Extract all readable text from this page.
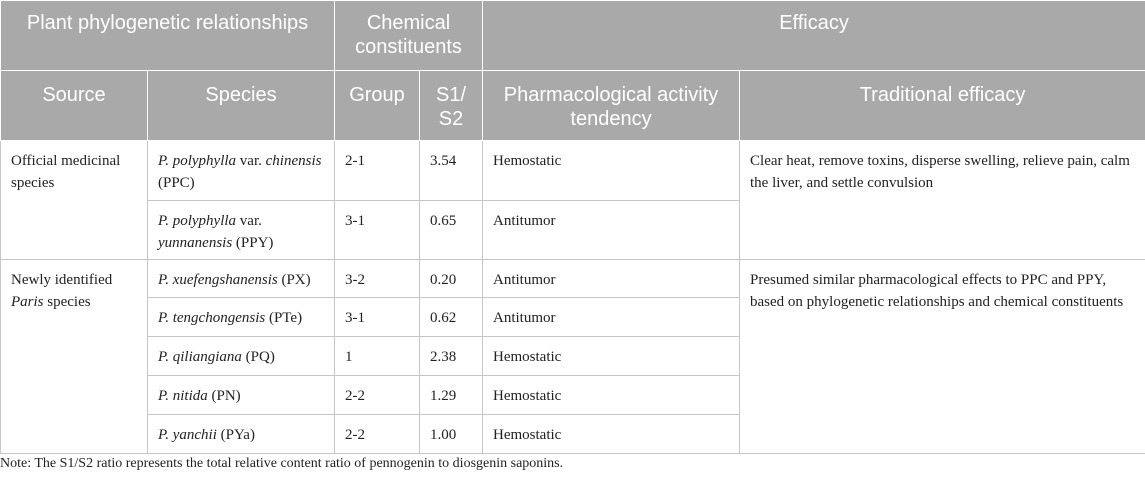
Plant phylogenetic relationships		Chemical constituents		Efficacy	
Source	Species	Group	S1/ S2	Pharmacological activity tendency	Traditional efficacy
Official medicinal species	P. polyphylla var. chinensis (PPC)	2-1	3.54	Hemostatic	Clear heat, remove toxins, disperse swelling, relieve pain, calm the liver, and settle convulsion
	P. polyphylla var. yunnanensis (PPY)	3-1	0.65	Antitumor	
Newly identified Paris species	P. xuefengshanensis (PX)	3-2	0.20	Antitumor	Presumed similar pharmacological effects to PPC and PPY, based on phylogenetic relationships and chemical constituents
	P. tengchongensis (PTe)	3-1	0.62	Antitumor	
	P. qiliangiana (PQ)	1	2.38	Hemostatic	
	P. nitida (PN)	2-2	1.29	Hemostatic	
	P. yanchii (PYa)	2-2	1.00	Hemostatic	
Note: The S1/S2 ratio represents the total relative content ratio of pennogenin to diosgenin saponins.
